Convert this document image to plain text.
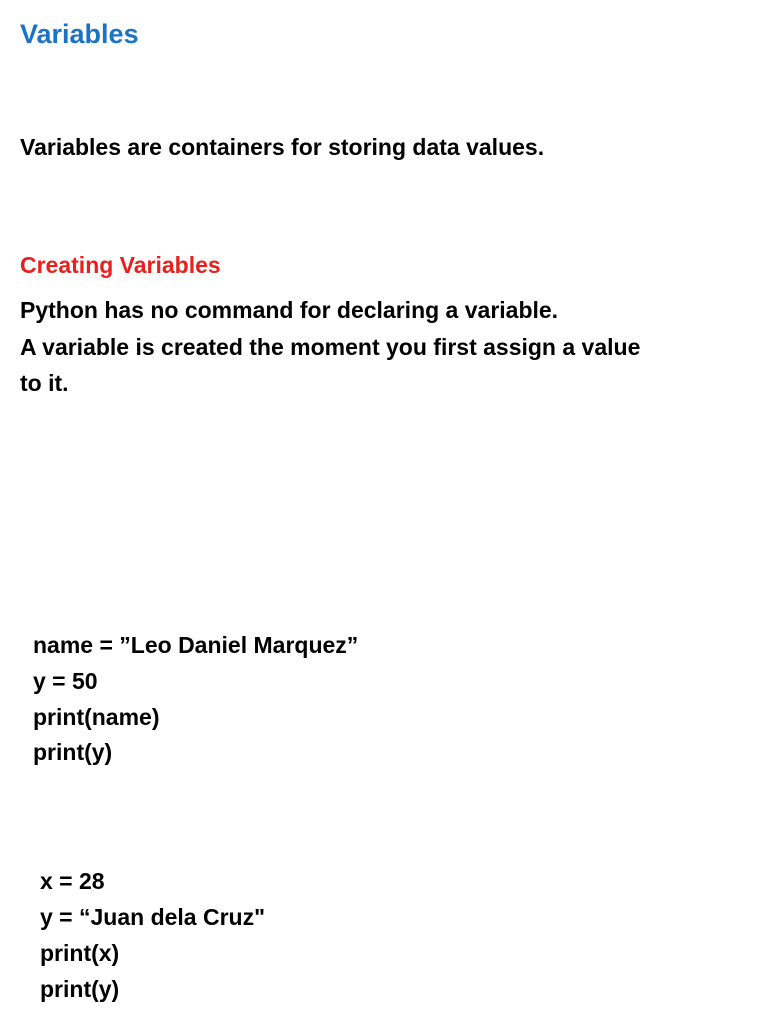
Variables
Variables are containers for storing data values.
Creating Variables
Python has no command for declaring a variable.
A variable is created the moment you first assign a value
to it.
name = ”Leo Daniel Marquez”
y = 50
print(name)
print(y)
x = 28
y = “Juan dela Cruz"
print(x)
print(y)
